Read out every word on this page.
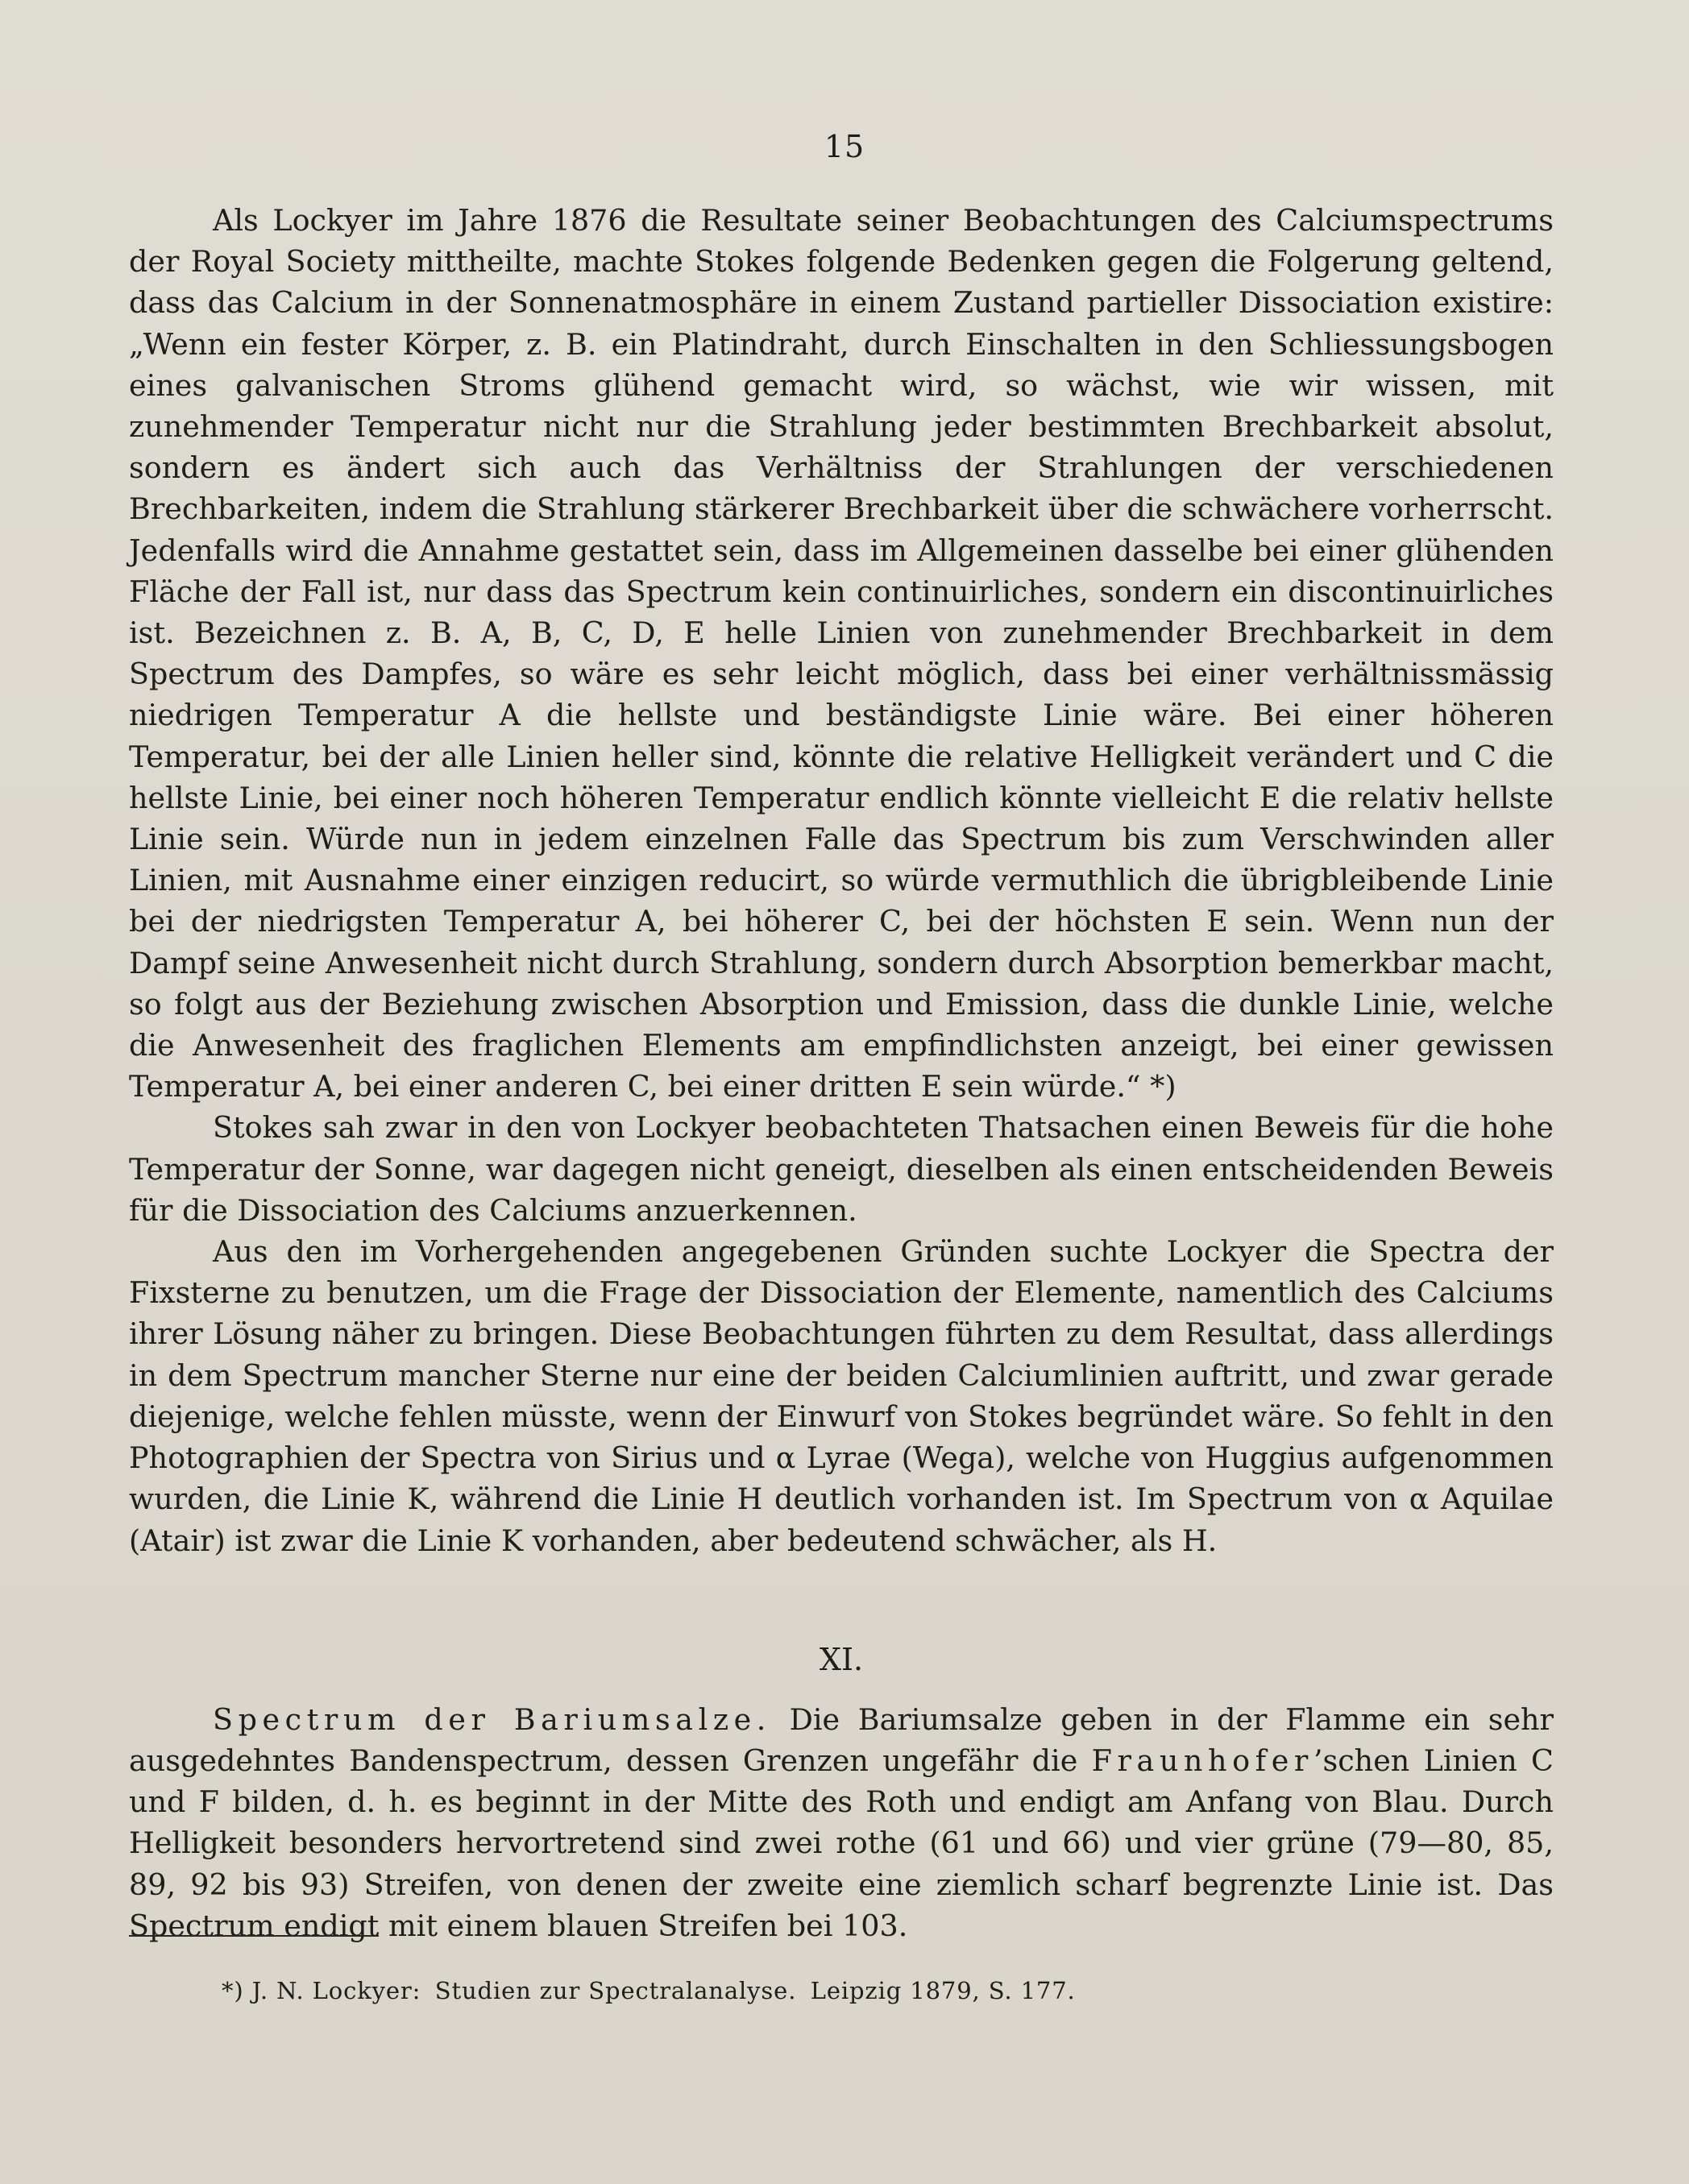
15

Als Lockyer im Jahre 1876 die Resultate seiner Beobachtungen des Calciumspectrums der Royal Society mittheilte, machte Stokes folgende Bedenken gegen die Folgerung geltend, dass das Calcium in der Sonnenatmosphäre in einem Zustand partieller Dissociation existire: „Wenn ein fester Körper, z. B. ein Platindraht, durch Einschalten in den Schliessungsbogen eines galvanischen Stroms glühend gemacht wird, so wächst, wie wir wissen, mit zunehmender Temperatur nicht nur die Strahlung jeder bestimmten Brechbarkeit absolut, sondern es ändert sich auch das Verhältniss der Strahlungen der verschiedenen Brechbarkeiten, indem die Strahlung stärkerer Brechbarkeit über die schwächere vorherrscht. Jedenfalls wird die Annahme gestattet sein, dass im Allgemeinen dasselbe bei einer glühenden Fläche der Fall ist, nur dass das Spectrum kein continuirliches, sondern ein discontinuirliches ist. Bezeichnen z. B. A, B, C, D, E helle Linien von zunehmender Brechbarkeit in dem Spectrum des Dampfes, so wäre es sehr leicht möglich, dass bei einer verhältnissmässig niedrigen Temperatur A die hellste und beständigste Linie wäre. Bei einer höheren Temperatur, bei der alle Linien heller sind, könnte die relative Helligkeit verändert und C die hellste Linie, bei einer noch höheren Temperatur endlich könnte vielleicht E die relativ hellste Linie sein. Würde nun in jedem einzelnen Falle das Spectrum bis zum Verschwinden aller Linien, mit Ausnahme einer einzigen reducirt, so würde vermuthlich die übrigbleibende Linie bei der niedrigsten Temperatur A, bei höherer C, bei der höchsten E sein. Wenn nun der Dampf seine Anwesenheit nicht durch Strahlung, sondern durch Absorption bemerkbar macht, so folgt aus der Beziehung zwischen Absorption und Emission, dass die dunkle Linie, welche die Anwesenheit des fraglichen Elements am empfindlichsten anzeigt, bei einer gewissen Temperatur A, bei einer anderen C, bei einer dritten E sein würde.“ *)

Stokes sah zwar in den von Lockyer beobachteten Thatsachen einen Beweis für die hohe Temperatur der Sonne, war dagegen nicht geneigt, dieselben als einen entscheidenden Beweis für die Dissociation des Calciums anzuerkennen.

Aus den im Vorhergehenden angegebenen Gründen suchte Lockyer die Spectra der Fixsterne zu benutzen, um die Frage der Dissociation der Elemente, namentlich des Calciums ihrer Lösung näher zu bringen. Diese Beobachtungen führten zu dem Resultat, dass allerdings in dem Spectrum mancher Sterne nur eine der beiden Calciumlinien auftritt, und zwar gerade diejenige, welche fehlen müsste, wenn der Einwurf von Stokes begründet wäre. So fehlt in den Photographien der Spectra von Sirius und α Lyrae (Wega), welche von Huggius aufgenommen wurden, die Linie K, während die Linie H deutlich vorhanden ist. Im Spectrum von α Aquilae (Atair) ist zwar die Linie K vorhanden, aber bedeutend schwächer, als H.

XI.

Spectrum der Bariumsalze. Die Bariumsalze geben in der Flamme ein sehr ausgedehntes Bandenspectrum, dessen Grenzen ungefähr die Fraunhofer’schen Linien C und F bilden, d. h. es beginnt in der Mitte des Roth und endigt am Anfang von Blau. Durch Helligkeit besonders hervortretend sind zwei rothe (61 und 66) und vier grüne (79—80, 85, 89, 92 bis 93) Streifen, von denen der zweite eine ziemlich scharf begrenzte Linie ist. Das Spectrum endigt mit einem blauen Streifen bei 103.

*) J. N. Lockyer: Studien zur Spectralanalyse. Leipzig 1879, S. 177.
